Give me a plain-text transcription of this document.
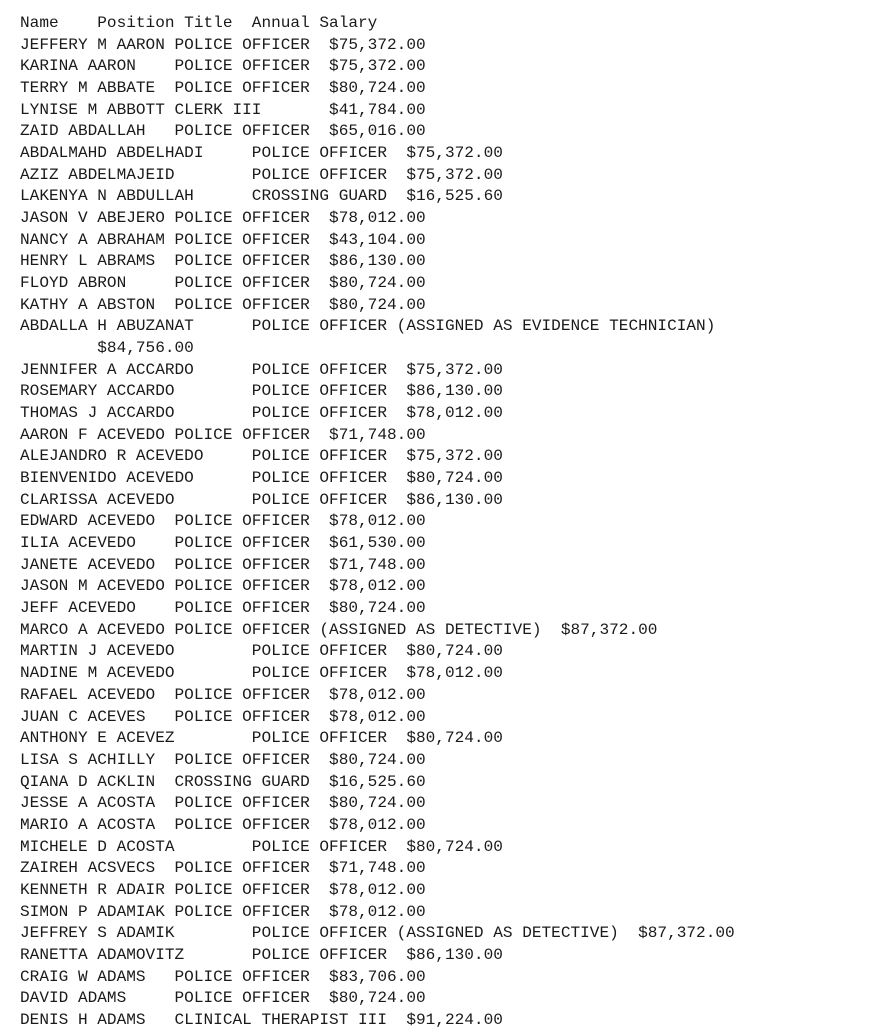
Name    Position Title  Annual Salary
JEFFERY M AARON POLICE OFFICER  $75,372.00
KARINA AARON    POLICE OFFICER  $75,372.00
TERRY M ABBATE  POLICE OFFICER  $80,724.00
LYNISE M ABBOTT CLERK III       $41,784.00
ZAID ABDALLAH   POLICE OFFICER  $65,016.00
ABDALMAHD ABDELHADI     POLICE OFFICER  $75,372.00
AZIZ ABDELMAJEID        POLICE OFFICER  $75,372.00
LAKENYA N ABDULLAH      CROSSING GUARD  $16,525.60
JASON V ABEJERO POLICE OFFICER  $78,012.00
NANCY A ABRAHAM POLICE OFFICER  $43,104.00
HENRY L ABRAMS  POLICE OFFICER  $86,130.00
FLOYD ABRON     POLICE OFFICER  $80,724.00
KATHY A ABSTON  POLICE OFFICER  $80,724.00
ABDALLA H ABUZANAT      POLICE OFFICER (ASSIGNED AS EVIDENCE TECHNICIAN)
$84,756.00
JENNIFER A ACCARDO      POLICE OFFICER  $75,372.00
ROSEMARY ACCARDO        POLICE OFFICER  $86,130.00
THOMAS J ACCARDO        POLICE OFFICER  $78,012.00
AARON F ACEVEDO POLICE OFFICER  $71,748.00
ALEJANDRO R ACEVEDO     POLICE OFFICER  $75,372.00
BIENVENIDO ACEVEDO      POLICE OFFICER  $80,724.00
CLARISSA ACEVEDO        POLICE OFFICER  $86,130.00
EDWARD ACEVEDO  POLICE OFFICER  $78,012.00
ILIA ACEVEDO    POLICE OFFICER  $61,530.00
JANETE ACEVEDO  POLICE OFFICER  $71,748.00
JASON M ACEVEDO POLICE OFFICER  $78,012.00
JEFF ACEVEDO    POLICE OFFICER  $80,724.00
MARCO A ACEVEDO POLICE OFFICER (ASSIGNED AS DETECTIVE)  $87,372.00
MARTIN J ACEVEDO        POLICE OFFICER  $80,724.00
NADINE M ACEVEDO        POLICE OFFICER  $78,012.00
RAFAEL ACEVEDO  POLICE OFFICER  $78,012.00
JUAN C ACEVES   POLICE OFFICER  $78,012.00
ANTHONY E ACEVEZ        POLICE OFFICER  $80,724.00
LISA S ACHILLY  POLICE OFFICER  $80,724.00
QIANA D ACKLIN  CROSSING GUARD  $16,525.60
JESSE A ACOSTA  POLICE OFFICER  $80,724.00
MARIO A ACOSTA  POLICE OFFICER  $78,012.00
MICHELE D ACOSTA        POLICE OFFICER  $80,724.00
ZAIREH ACSVECS  POLICE OFFICER  $71,748.00
KENNETH R ADAIR POLICE OFFICER  $78,012.00
SIMON P ADAMIAK POLICE OFFICER  $78,012.00
JEFFREY S ADAMIK        POLICE OFFICER (ASSIGNED AS DETECTIVE)  $87,372.00
RANETTA ADAMOVITZ       POLICE OFFICER  $86,130.00
CRAIG W ADAMS   POLICE OFFICER  $83,706.00
DAVID ADAMS     POLICE OFFICER  $80,724.00
DENIS H ADAMS   CLINICAL THERAPIST III  $91,224.00
